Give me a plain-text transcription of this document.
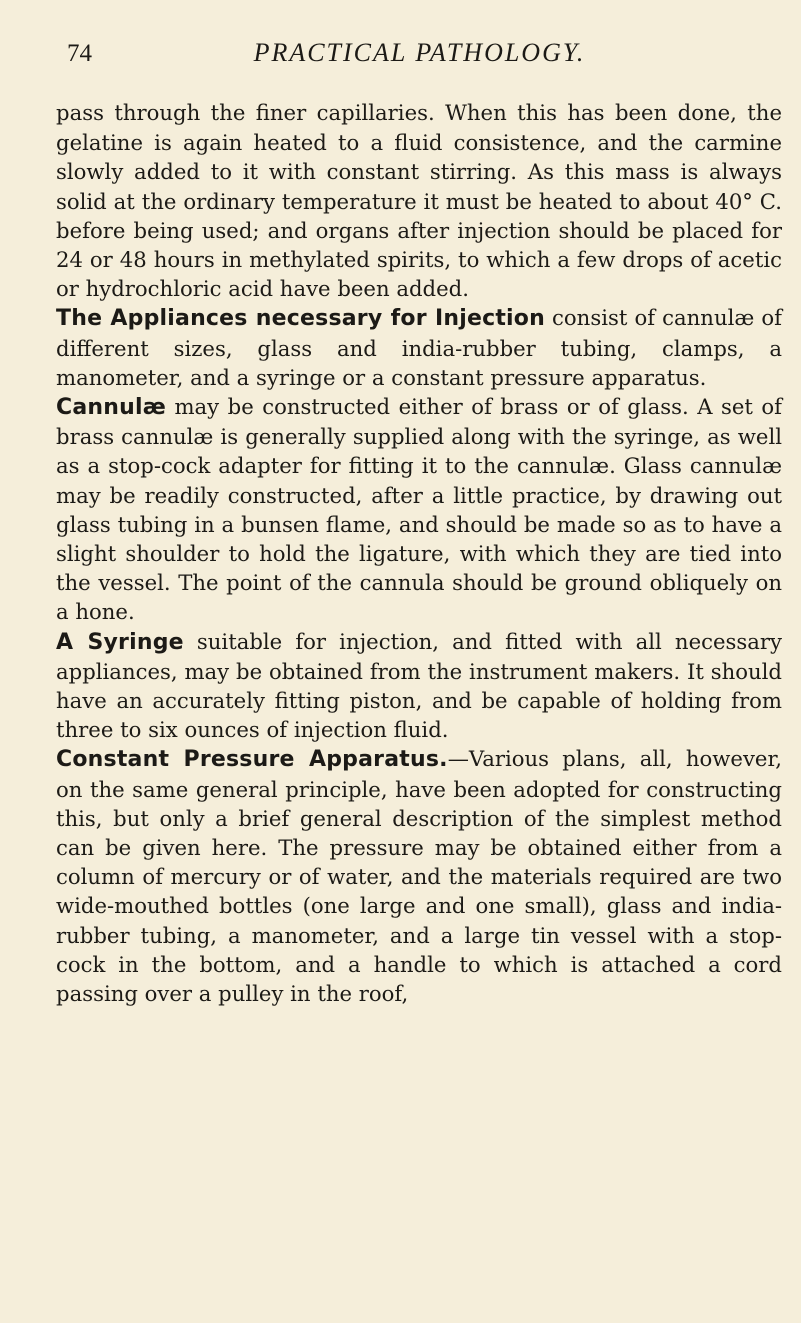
74	PRACTICAL PATHOLOGY.

pass through the finer capillaries. When this has been done, the gelatine is again heated to a fluid consistence, and the carmine slowly added to it with constant stirring. As this mass is always solid at the ordinary temperature it must be heated to about 40° C. before being used; and organs after injection should be placed for 24 or 48 hours in methylated spirits, to which a few drops of acetic or hydrochloric acid have been added.

The Appliances necessary for Injection consist of cannulæ of different sizes, glass and india-rubber tubing, clamps, a manometer, and a syringe or a constant pressure apparatus.

Cannulæ may be constructed either of brass or of glass. A set of brass cannulæ is generally supplied along with the syringe, as well as a stop-cock adapter for fitting it to the cannulæ. Glass cannulæ may be readily constructed, after a little practice, by drawing out glass tubing in a bunsen flame, and should be made so as to have a slight shoulder to hold the ligature, with which they are tied into the vessel. The point of the cannula should be ground obliquely on a hone.

A Syringe suitable for injection, and fitted with all necessary appliances, may be obtained from the instrument makers. It should have an accurately fitting piston, and be capable of holding from three to six ounces of injection fluid.

Constant Pressure Apparatus.—Various plans, all, however, on the same general principle, have been adopted for constructing this, but only a brief general description of the simplest method can be given here. The pressure may be obtained either from a column of mercury or of water, and the materials required are two wide-mouthed bottles (one large and one small), glass and india-rubber tubing, a manometer, and a large tin vessel with a stop-cock in the bottom, and a handle to which is attached a cord passing over a pulley in the roof,
